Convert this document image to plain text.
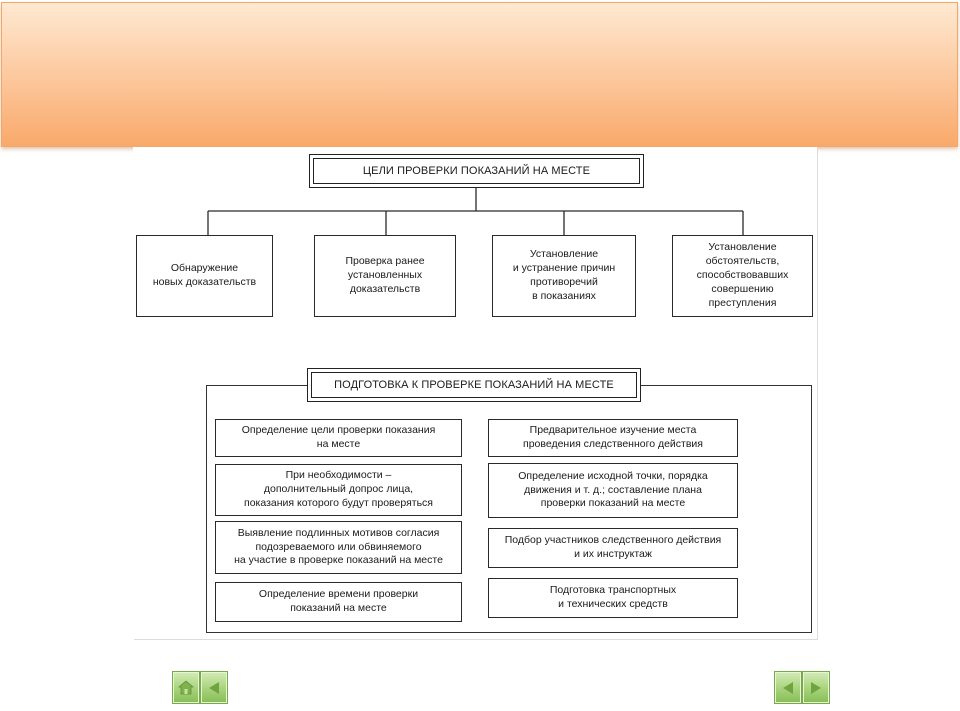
ЦЕЛИ ПРОВЕРКИ ПОКАЗАНИЙ НА МЕСТЕ
Обнаружение
новых доказательств
Проверка ранее
установленных
доказательств
Установление
и устранение причин
противоречий
в показаниях
Установление
обстоятельств,
способствовавших
совершению
преступления
ПОДГОТОВКА К ПРОВЕРКЕ ПОКАЗАНИЙ НА МЕСТЕ
Определение цели проверки показания
на месте
При необходимости –
дополнительный допрос лица,
показания которого будут проверяться
Выявление подлинных мотивов согласия
подозреваемого или обвиняемого
на участие в проверке показаний на месте
Определение времени проверки
показаний на месте
Предварительное изучение места
проведения следственного действия
Определение исходной точки, порядка
движения и т. д.; составление плана
проверки показаний на месте
Подбор участников следственного действия
и их инструктаж
Подготовка транспортных
и технических средств
